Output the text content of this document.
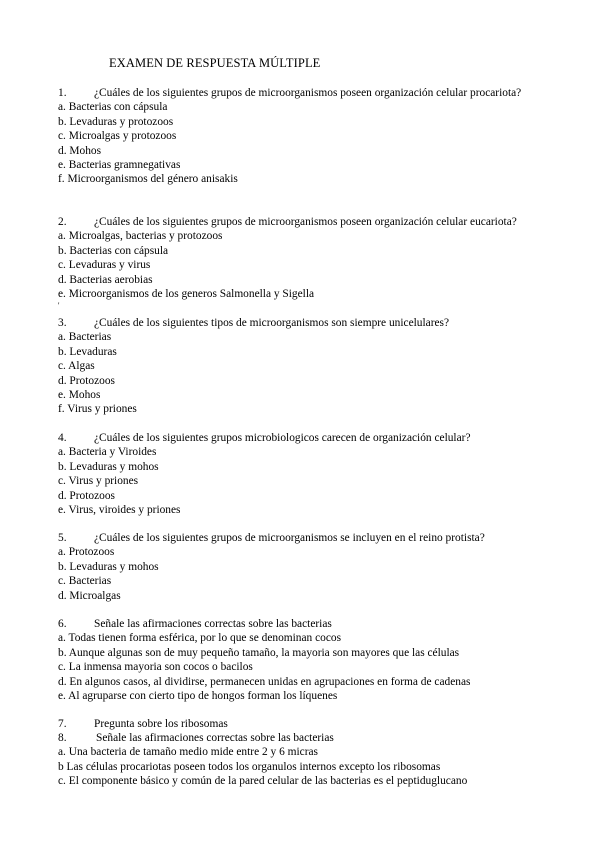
EXAMEN DE RESPUESTA MÚLTIPLE
1. ¿Cuáles de los siguientes grupos de microorganismos poseen organización celular procariota?
a. Bacterias con cápsula
b. Levaduras y protozoos
c. Microalgas y protozoos
d. Mohos
e. Bacterias gramnegativas
f. Microorganismos del género anisakis
2. ¿Cuáles de los siguientes grupos de microorganismos poseen organización celular eucariota?
a. Microalgas, bacterias y protozoos
b. Bacterias con cápsula
c. Levaduras y virus
d. Bacterias aerobias
e. Microorganismos de los generos Salmonella y Sigella
'
3. ¿Cuáles de los siguientes tipos de microorganismos son siempre unicelulares?
a. Bacterias
b. Levaduras
c. Algas
d. Protozoos
e. Mohos
f. Virus y priones
4. ¿Cuáles de los siguientes grupos microbiologicos carecen de organización celular?
a. Bacteria y Viroides
b. Levaduras y mohos
c. Virus y priones
d. Protozoos
e. Virus, viroides y priones
5. ¿Cuáles de los siguientes grupos de microorganismos se incluyen en el reino protista?
a. Protozoos
b. Levaduras y mohos
c. Bacterias
d. Microalgas
6. Señale las afirmaciones correctas sobre las bacterias
a. Todas tienen forma esférica, por lo que se denominan cocos
b. Aunque algunas son de muy pequeño tamaño, la mayoria son mayores que las células
c. La inmensa mayoria son cocos o bacilos
d. En algunos casos, al dividirse, permanecen unidas en agrupaciones en forma de cadenas
e. Al agruparse con cierto tipo de hongos forman los líquenes
7. Pregunta sobre los ribosomas
8.	Señale las afirmaciones correctas sobre las bacterias
a. Una bacteria de tamaño medio mide entre 2 y 6 micras
b Las células procariotas poseen todos los organulos internos excepto los ribosomas
c. El componente básico y común de la pared celular de las bacterias es el peptiduglucano
